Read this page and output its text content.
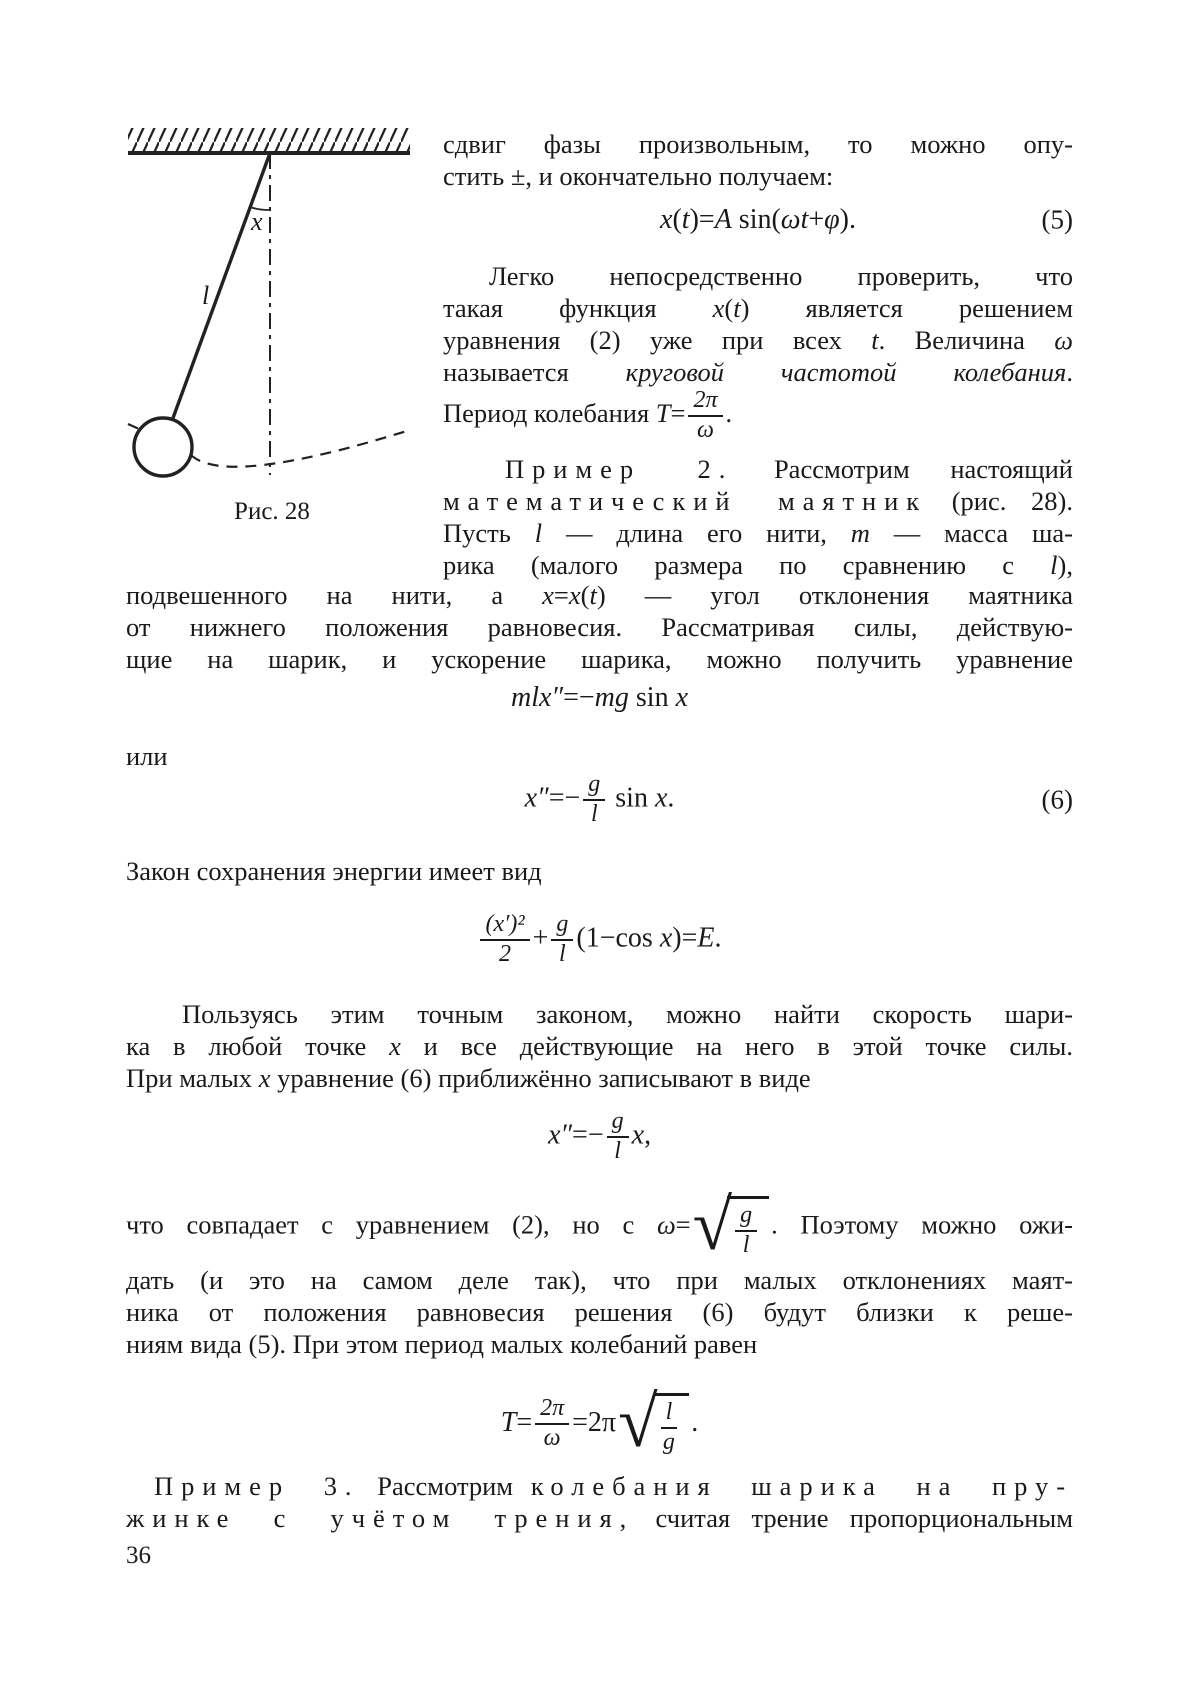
x
l
Рис. 28
сдвиг фазы произвольным, то можно опу-
стить ±, и окончательно получаем:
x(t)=A sin(ωt+φ).	(5)
Легко непосредственно проверить, что
такая функция x(t) является решением
уравнения (2) уже при всех t. Величина ω
называется круговой частотой колебания.
Период колебания $T= \frac{2\pi}{\omega}$ .
Пример 2. Рассмотрим настоящий
математический маятник (рис. 28).
Пусть l — длина его нити, m — масса ша-
рика (малого размера по сравнению с l),
подвешенного на нити, а x=x(t) — угол отклонения маятника
от нижнего положения равновесия. Рассматривая силы, действую-
щие на шарик, и ускорение шарика, можно получить уравнение
mlx″=−mg sin x
или
$x''=- \frac{g}{l}$ sin x.	(6)
Закон сохранения энергии имеет вид
$\frac{\text{(x′)²}}{2} + \frac{g}{l} (1-\cos$ x)=E.
Пользуясь этим точным законом, можно найти скорость шари-
ка в любой точке x и все действующие на него в этой точке силы.
При малых x уравнение (6) приближённо записывают в виде
$x''=- \frac{g}{l} x$,
что совпадает с уравнением (2), но с ω= √ $\frac{g}{l}$ . Поэтому можно ожи-
дать (и это на самом деле так), что при малых отклонениях маят-
ника от положения равновесия решения (6) будут близки к реше-
ниям вида (5). При этом период малых колебаний равен
$T= \frac{2\pi}{\omega} =2\pi$ √ $\frac{l}{g}$ .
Пример 3. Рассмотрим колебания шарика на пру-
жинке с учётом трения, считая трение пропорциональным
36
